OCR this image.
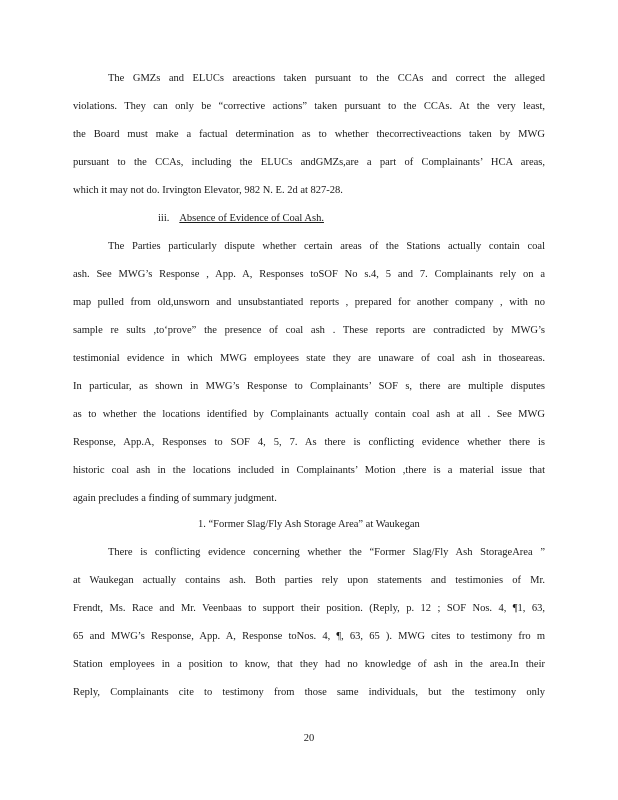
The GMZs and ELUCs areactions taken pursuant to the CCAs and correct the alleged
violations. They can only be “corrective actions” taken pursuant to the CCAs. At the very least,
the Board must make a factual determination as to whether thecorrectiveactions taken by MWG
pursuant to the CCAs, including the ELUCs andGMZs,are a part of Complainants’ HCA areas,
which it may not do. Irvington Elevator, 982 N. E. 2d at 827-28.
iii. Absence of Evidence of Coal Ash.
The Parties particularly dispute whether certain areas of the Stations actually contain coal
ash. See MWG’s Response , App. A, Responses toSOF No s.4, 5 and 7. Complainants rely on a
map pulled from old,unsworn and unsubstantiated reports , prepared for another company , with no
sample re sults ,to‘prove” the presence of coal ash . These reports are contradicted by MWG’s
testimonial evidence in which MWG employees state they are unaware of coal ash in thoseareas.
In particular, as shown in MWG’s Response to Complainants’ SOF s, there are multiple disputes
as to whether the locations identified by Complainants actually contain coal ash at all . See MWG
Response, App.A, Responses to SOF 4, 5, 7. As there is conflicting evidence whether there is
historic coal ash in the locations included in Complainants’ Motion ,there is a material issue that
again precludes a finding of summary judgment.
1. “Former Slag/Fly Ash Storage Area” at Waukegan
There is conflicting evidence concerning whether the “Former Slag/Fly Ash StorageArea ”
at Waukegan actually contains ash. Both parties rely upon statements and testimonies of Mr.
Frendt, Ms. Race and Mr. Veenbaas to support their position. (Reply, p. 12 ; SOF Nos. 4, ¶1, 63,
65 and MWG’s Response, App. A, Response toNos. 4, ¶, 63, 65 ). MWG cites to testimony fro m
Station employees in a position to know, that they had no knowledge of ash in the area.In their
Reply, Complainants cite to testimony from those same individuals, but the testimony only
20
